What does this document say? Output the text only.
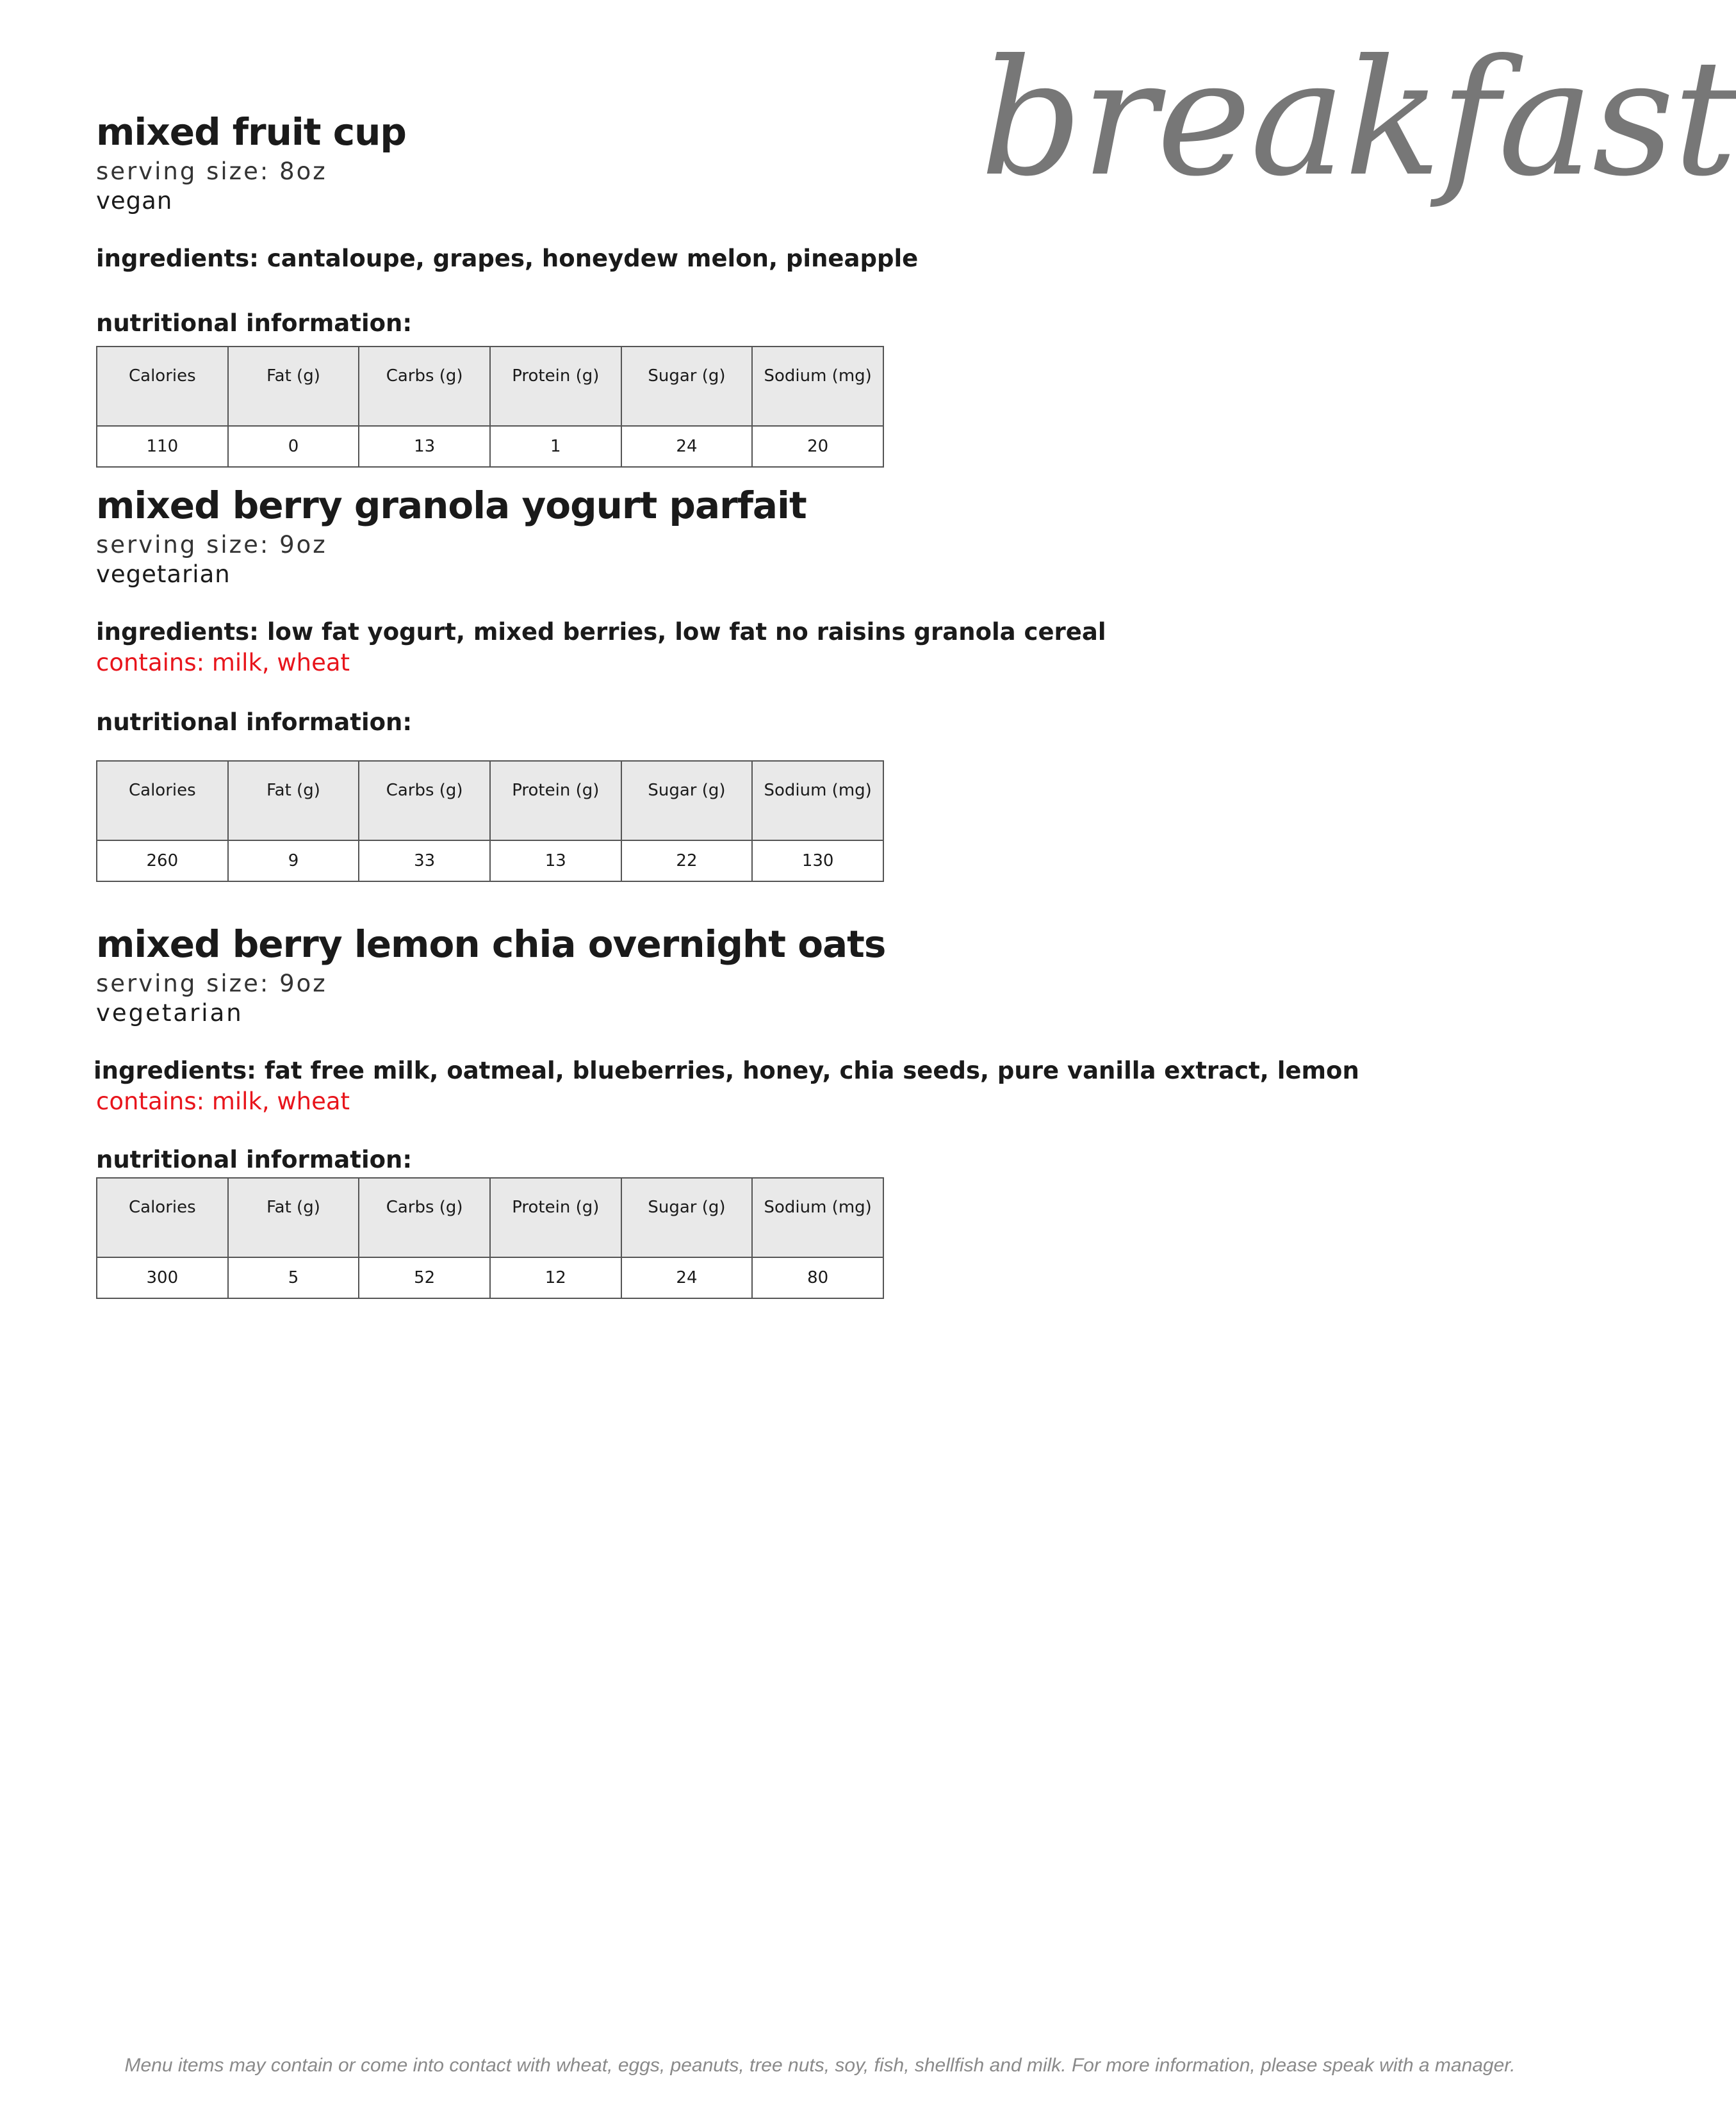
breakfast
mixed fruit cup
serving size: 8oz
vegan
ingredients: cantaloupe, grapes, honeydew melon, pineapple
nutritional information:
Calories	Fat (g)	Carbs (g)	Protein (g)	Sugar (g)	Sodium (mg)
110	0	13	1	24	20
mixed berry granola yogurt parfait
serving size: 9oz
vegetarian
ingredients: low fat yogurt, mixed berries, low fat no raisins granola cereal
contains: milk, wheat
nutritional information:
Calories	Fat (g)	Carbs (g)	Protein (g)	Sugar (g)	Sodium (mg)
260	9	33	13	22	130
mixed berry lemon chia overnight oats
serving size: 9oz
vegetarian
ingredients: fat free milk, oatmeal, blueberries, honey, chia seeds, pure vanilla extract, lemon
contains: milk, wheat
nutritional information:
Calories	Fat (g)	Carbs (g)	Protein (g)	Sugar (g)	Sodium (mg)
300	5	52	12	24	80

Menu items may contain or come into contact with wheat, eggs, peanuts, tree nuts, soy, fish, shellfish and milk. For more information, please speak with a manager.
